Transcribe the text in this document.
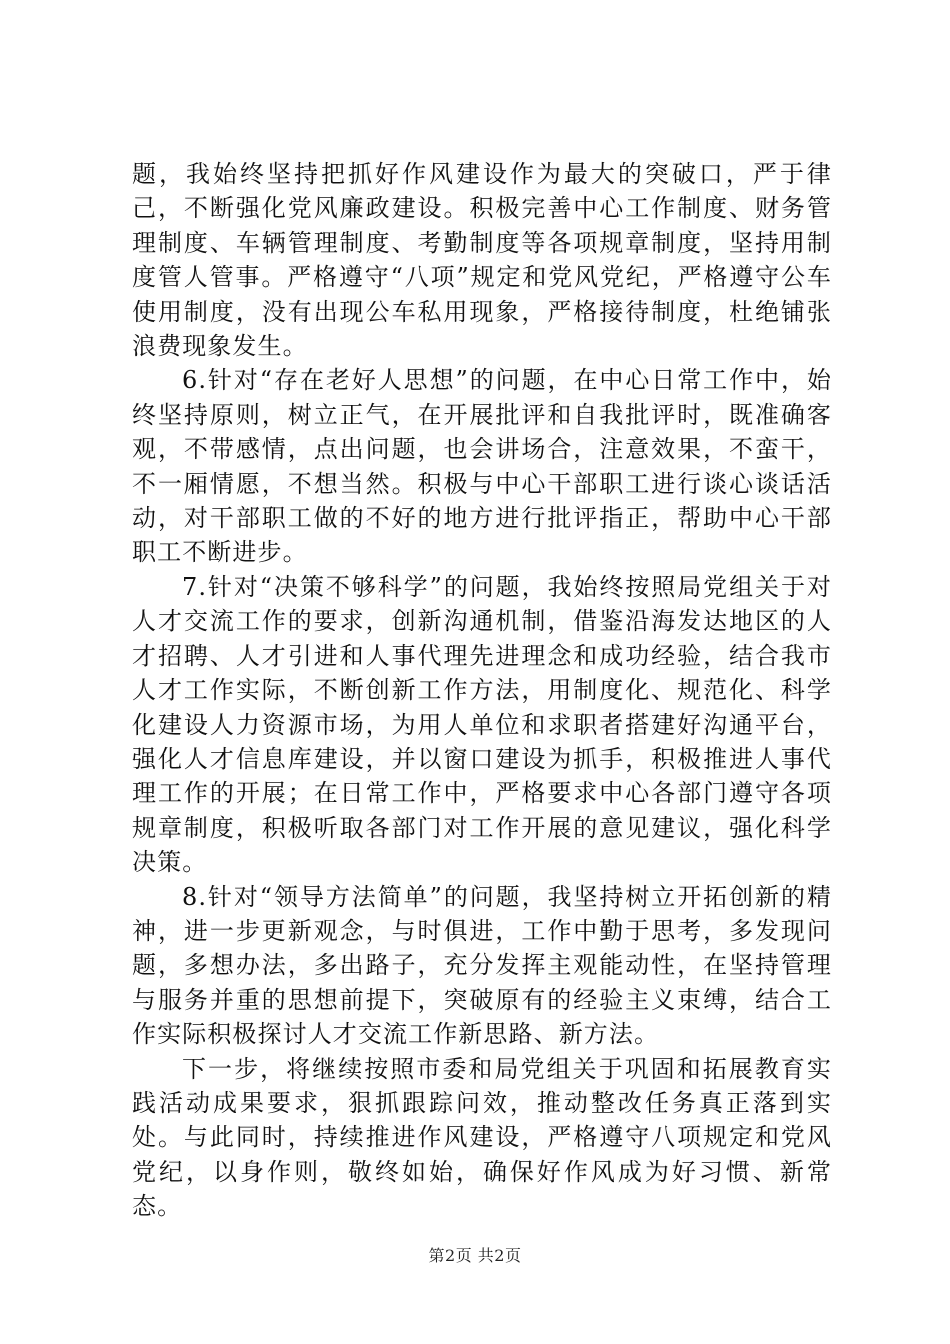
题，我始终坚持把抓好作风建设作为最大的突破口，严于律己，不断强化党风廉政建设。积极完善中心工作制度、财务管理制度、车辆管理制度、考勤制度等各项规章制度，坚持用制度管人管事。严格遵守“八项”规定和党风党纪，严格遵守公车使用制度，没有出现公车私用现象，严格接待制度，杜绝铺张浪费现象发生。

6.针对“存在老好人思想”的问题，在中心日常工作中，始终坚持原则，树立正气，在开展批评和自我批评时，既准确客观，不带感情，点出问题，也会讲场合，注意效果，不蛮干，不一厢情愿，不想当然。积极与中心干部职工进行谈心谈话活动，对干部职工做的不好的地方进行批评指正，帮助中心干部职工不断进步。

7.针对“决策不够科学”的问题，我始终按照局党组关于对人才交流工作的要求，创新沟通机制，借鉴沿海发达地区的人才招聘、人才引进和人事代理先进理念和成功经验，结合我市人才工作实际，不断创新工作方法，用制度化、规范化、科学化建设人力资源市场，为用人单位和求职者搭建好沟通平台，强化人才信息库建设，并以窗口建设为抓手，积极推进人事代理工作的开展；在日常工作中，严格要求中心各部门遵守各项规章制度，积极听取各部门对工作开展的意见建议，强化科学决策。

8.针对“领导方法简单”的问题，我坚持树立开拓创新的精神，进一步更新观念，与时俱进，工作中勤于思考，多发现问题，多想办法，多出路子，充分发挥主观能动性，在坚持管理与服务并重的思想前提下，突破原有的经验主义束缚，结合工作实际积极探讨人才交流工作新思路、新方法。

下一步，将继续按照市委和局党组关于巩固和拓展教育实践活动成果要求，狠抓跟踪问效，推动整改任务真正落到实处。与此同时，持续推进作风建设，严格遵守八项规定和党风党纪，以身作则，敬终如始，确保好作风成为好习惯、新常态。

第2页 共2页
